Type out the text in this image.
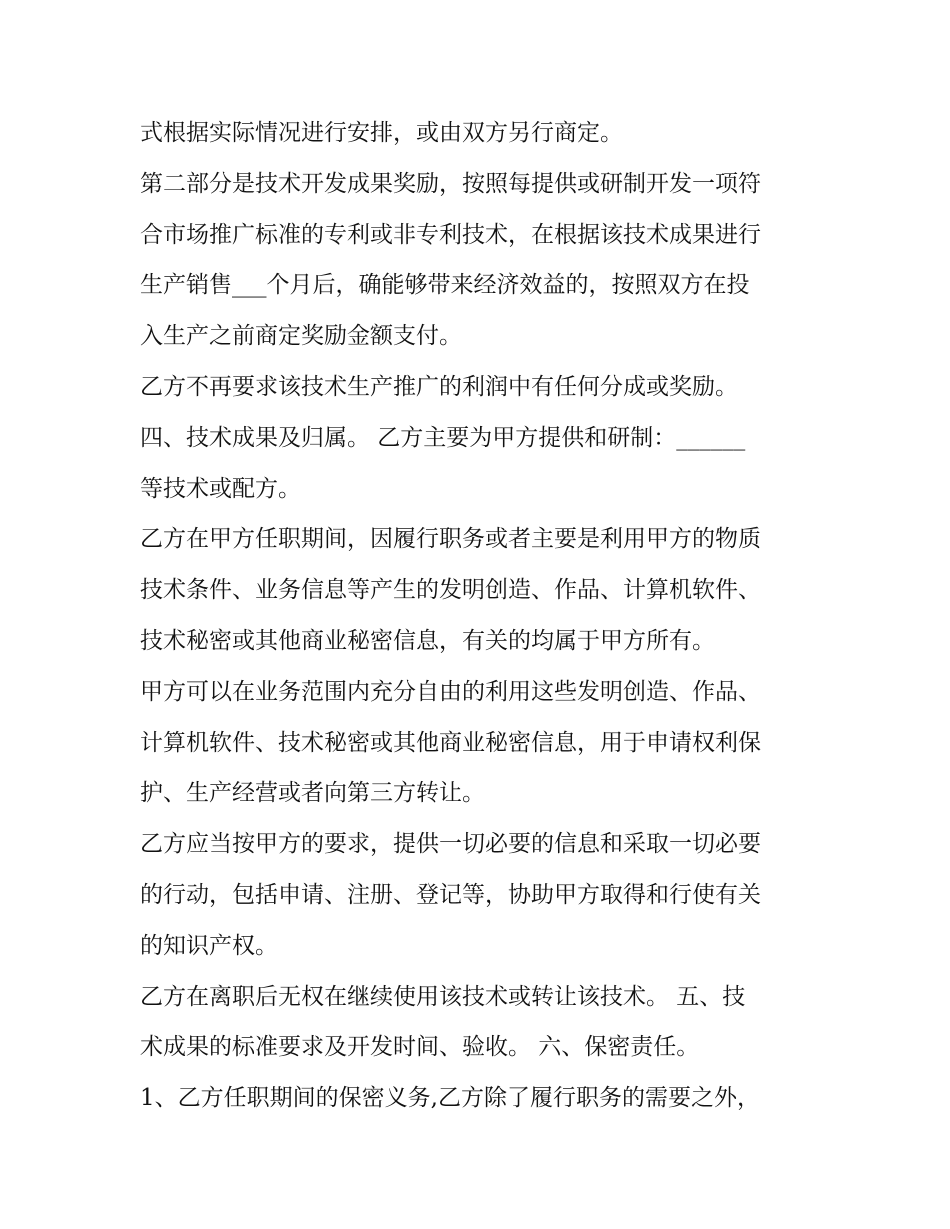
式根据实际情况进行安排，或由双方另行商定。
第二部分是技术开发成果奖励，按照每提供或研制开发一项符
合市场推广标准的专利或非专利技术，在根据该技术成果进行
生产销售___个月后，确能够带来经济效益的，按照双方在投
入生产之前商定奖励金额支付。
乙方不再要求该技术生产推广的利润中有任何分成或奖励。
四、技术成果及归属。 乙方主要为甲方提供和研制：______
等技术或配方。
乙方在甲方任职期间，因履行职务或者主要是利用甲方的物质
技术条件、业务信息等产生的发明创造、作品、计算机软件、
技术秘密或其他商业秘密信息，有关的均属于甲方所有。
甲方可以在业务范围内充分自由的利用这些发明创造、作品、
计算机软件、技术秘密或其他商业秘密信息，用于申请权利保
护、生产经营或者向第三方转让。
乙方应当按甲方的要求，提供一切必要的信息和采取一切必要
的行动，包括申请、注册、登记等，协助甲方取得和行使有关
的知识产权。
乙方在离职后无权在继续使用该技术或转让该技术。 五、技
术成果的标准要求及开发时间、验收。 六、保密责任。
1、乙方任职期间的保密义务,乙方除了履行职务的需要之外，
